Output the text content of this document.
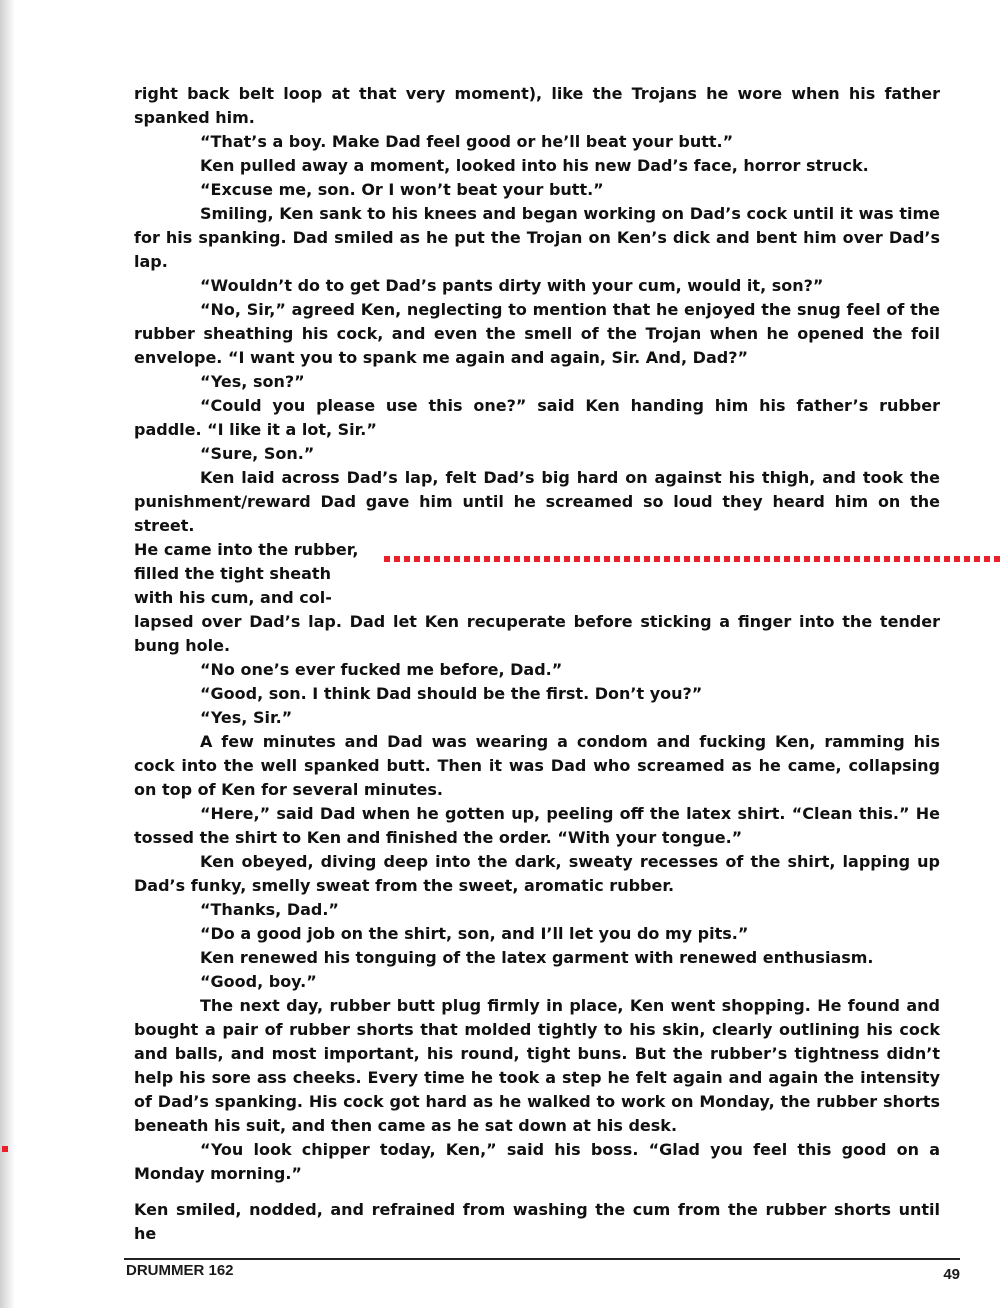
right back belt loop at that very moment), like the Trojans he wore when his father spanked him.

“That’s a boy. Make Dad feel good or he’ll beat your butt.”

Ken pulled away a moment, looked into his new Dad’s face, horror struck.

“Excuse me, son. Or I won’t beat your butt.”

Smiling, Ken sank to his knees and began working on Dad’s cock until it was time for his spanking. Dad smiled as he put the Trojan on Ken’s dick and bent him over Dad’s lap.

“Wouldn’t do to get Dad’s pants dirty with your cum, would it, son?”

“No, Sir,” agreed Ken, neglecting to mention that he enjoyed the snug feel of the rubber sheathing his cock, and even the smell of the Trojan when he opened the foil envelope. “I want you to spank me again and again, Sir. And, Dad?”

“Yes, son?”

“Could you please use this one?” said Ken handing him his father’s rubber paddle. “I like it a lot, Sir.”

“Sure, Son.”

Ken laid across Dad’s lap, felt Dad’s big hard on against his thigh, and took the punishment/reward Dad gave him until he screamed so loud they heard him on the street.

He came into the rubber,
filled the tight sheath
with his cum, and col-

lapsed over Dad’s lap. Dad let Ken recuperate before sticking a finger into the tender bung hole.

“No one’s ever fucked me before, Dad.”

“Good, son. I think Dad should be the first. Don’t you?”

“Yes, Sir.”

A few minutes and Dad was wearing a condom and fucking Ken, ramming his cock into the well spanked butt. Then it was Dad who screamed as he came, collapsing on top of Ken for several minutes.

“Here,” said Dad when he gotten up, peeling off the latex shirt. “Clean this.” He tossed the shirt to Ken and finished the order. “With your tongue.”

Ken obeyed, diving deep into the dark, sweaty recesses of the shirt, lapping up Dad’s funky, smelly sweat from the sweet, aromatic rubber.

“Thanks, Dad.”

“Do a good job on the shirt, son, and I’ll let you do my pits.”

Ken renewed his tonguing of the latex garment with renewed enthusiasm.

“Good, boy.”

The next day, rubber butt plug firmly in place, Ken went shopping. He found and bought a pair of rubber shorts that molded tightly to his skin, clearly outlining his cock and balls, and most important, his round, tight buns. But the rubber’s tightness didn’t help his sore ass cheeks. Every time he took a step he felt again and again the intensity of Dad’s spanking. His cock got hard as he walked to work on Monday, the rubber shorts beneath his suit, and then came as he sat down at his desk.

“You look chipper today, Ken,” said his boss. “Glad you feel this good on a Monday morning.”

Ken smiled, nodded, and refrained from washing the cum from the rubber shorts until he

DRUMMER 162	49
